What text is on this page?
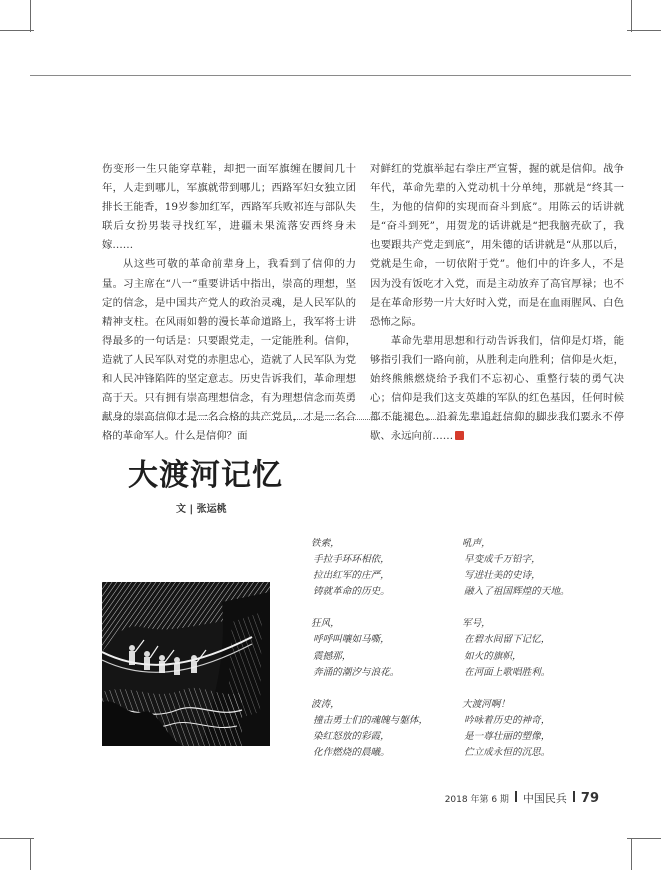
伤变形一生只能穿草鞋，却把一面军旗缠在腰间几十年，人走到哪儿，军旗就带到哪儿；西路军妇女独立团排长王能香，19岁参加红军，西路军兵败祁连与部队失联后女扮男装寻找红军，进疆未果流落安西终身未嫁……

从这些可敬的革命前辈身上，我看到了信仰的力量。习主席在“八一”重要讲话中指出，崇高的理想，坚定的信念，是中国共产党人的政治灵魂，是人民军队的精神支柱。在风雨如磐的漫长革命道路上，我军将士讲得最多的一句话是：只要跟党走，一定能胜利。信仰，造就了人民军队对党的赤胆忠心，造就了人民军队为党和人民冲锋陷阵的坚定意志。历史告诉我们，革命理想高于天。只有拥有崇高理想信念，有为理想信念而英勇献身的崇高信仰才是一名合格的共产党员，才是一名合格的革命军人。什么是信仰？面

对鲜红的党旗举起右拳庄严宣誓，握的就是信仰。战争年代，革命先辈的入党动机十分单纯，那就是“终其一生，为他的信仰的实现而奋斗到底”。用陈云的话讲就是“奋斗到死”，用贺龙的话讲就是“把我脑壳砍了，我也要跟共产党走到底”，用朱德的话讲就是“从那以后，党就是生命，一切依附于党”。他们中的许多人，不是因为没有饭吃才入党，而是主动放弃了高官厚禄；也不是在革命形势一片大好时入党，而是在血雨腥风、白色恐怖之际。

革命先辈用思想和行动告诉我们，信仰是灯塔，能够指引我们一路向前，从胜利走向胜利；信仰是火炬，始终熊熊燃烧给予我们不忘初心、重整行装的勇气决心；信仰是我们这支英雄的军队的红色基因，任何时候都不能褪色。沿着先辈追赶信仰的脚步我们要永不停歇、永远向前……

大渡河记忆
文 | 张运桃
铁索，
手拉手环环相依，
拉出红军的庄严，
铸就革命的历史。
狂风，
呼呼叫嚷如马嘶，
震撼那，
奔涌的潮汐与浪花。
波涛，
撞击勇士们的魂魄与躯体，
染红怒放的彩霞，
化作燃烧的晨曦。
吼声，
早变成千万铅字，
写进壮美的史诗，
融入了祖国辉煌的天地。
军号，
在碧水间留下记忆，
如火的旗帜，
在河面上歌唱胜利。
大渡河啊！
吟咏着历史的神奇，
是一尊壮丽的塑像，
伫立成永恒的沉思。
2018 年第 6 期 中国民兵 79
